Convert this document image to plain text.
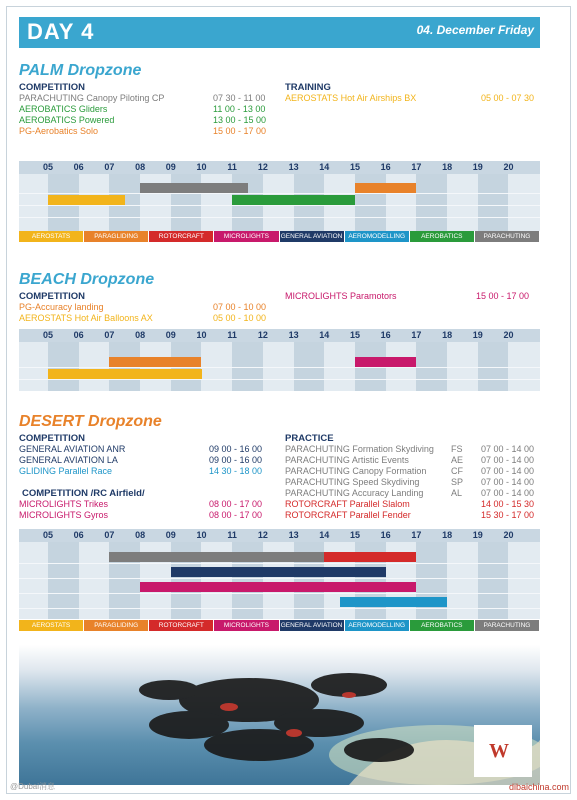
DAY 4	04. December Friday
PALM Dropzone
COMPETITION	TRAINING
PARACHUTING Canopy Piloting CP	07 30 - 11 00
AEROBATICS Gliders	11 00 - 13 00
AEROBATICS Powered	13 00 - 15 00
PG-Aerobatics Solo	15 00 - 17 00
AEROSTATS Hot Air Airships BX	05 00 - 07 30
05	06	07	08	09	10	11	12	13	14	15	16	17	18	19	20
AEROSTATS	PARAGLIDING	ROTORCRAFT	MICROLIGHTS	GENERAL AVIATION AEROMODELLING	AEROBATICS	PARACHUTING
BEACH Dropzone
COMPETITION
PG-Accuracy landing	07 00 - 10 00
AEROSTATS Hot Air Balloons AX	05 00 - 10 00
MICROLIGHTS Paramotors	15 00 - 17 00
05	06	07	08	09	10	11	12	13	14	15	16	17	18	19	20
DESERT Dropzone
COMPETITION
COMPETITION /RC Airfield/
PRACTICE
GENERAL AVIATION ANR	09 00 - 16 00
GENERAL AVIATION LA	09 00 - 16 00
GLIDING Parallel Race	14 30 - 18 00
MICROLIGHTS Trikes	08 00 - 17 00
MICROLIGHTS Gyros	08 00 - 17 00
PARACHUTING Formation Skydiving FS 07 00 - 14 00
PARACHUTING Artistic Events	AE 07 00 - 14 00
PARACHUTING Canopy Formation	CF 07 00 - 14 00
PARACHUTING Speed Skydiving	SP 07 00 - 14 00
PARACHUTING Accuracy Landing	AL 07 00 - 14 00
ROTORCRAFT Parallel Slalom	14 00 - 15 30
ROTORCRAFT Parallel Fender	15 30 - 17 00
05	06	07	08	09	10	11	12	13	14	15	16	17	18	19	20
AEROSTATS	PARAGLIDING	ROTORCRAFT	MICROLIGHTS	GENERAL AVIATION AEROMODELLING	AEROBATICS	PARACHUTING
W
@Dubai消息	dibaichina.com
